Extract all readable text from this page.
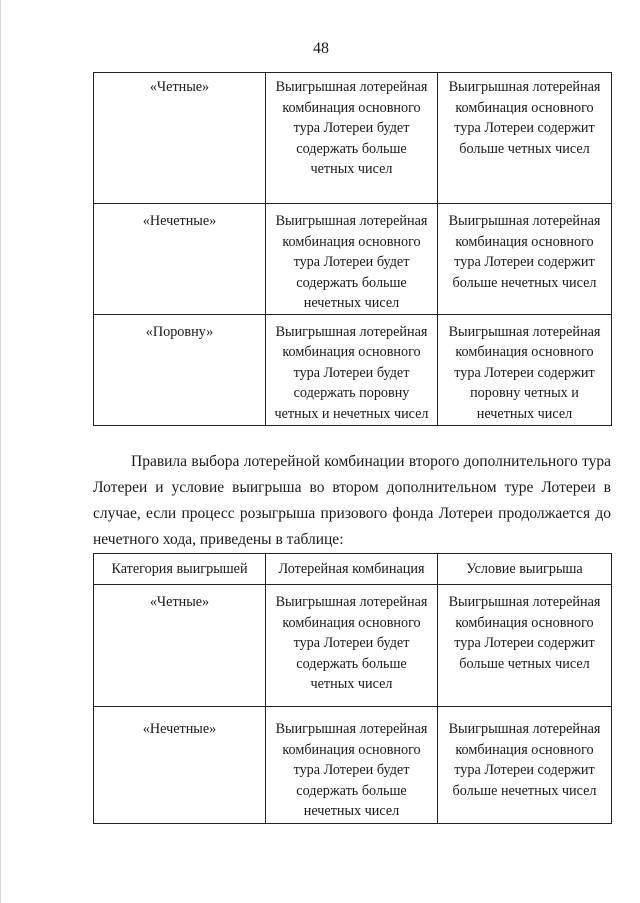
48
«Четные»	Выигрышная лотерейная
комбинация основного
тура Лотереи будет
содержать больше
четных чисел	Выигрышная лотерейная
комбинация основного
тура Лотереи содержит
больше четных чисел

«Нечетные»	Выигрышная лотерейная
комбинация основного
тура Лотереи будет
содержать больше
нечетных чисел	Выигрышная лотерейная
комбинация основного
тура Лотереи содержит
больше нечетных чисел

«Поровну»	Выигрышная лотерейная
комбинация основного
тура Лотереи будет
содержать поровну
четных и нечетных чисел	Выигрышная лотерейная
комбинация основного
тура Лотереи содержит
поровну четных и
нечетных чисел

Правила выбора лотерейной комбинации второго дополнительного тура Лотереи и условие выигрыша во втором дополнительном туре Лотереи в случае, если процесс розыгрыша призового фонда Лотереи продолжается до нечетного хода, приведены в таблице:

Категория выигрышей	Лотерейная комбинация	Условие выигрыша

«Четные»	Выигрышная лотерейная
комбинация основного
тура Лотереи будет
содержать больше
четных чисел	Выигрышная лотерейная
комбинация основного
тура Лотереи содержит
больше четных чисел

«Нечетные»	Выигрышная лотерейная
комбинация основного
тура Лотереи будет
содержать больше
нечетных чисел	Выигрышная лотерейная
комбинация основного
тура Лотереи содержит
больше нечетных чисел
